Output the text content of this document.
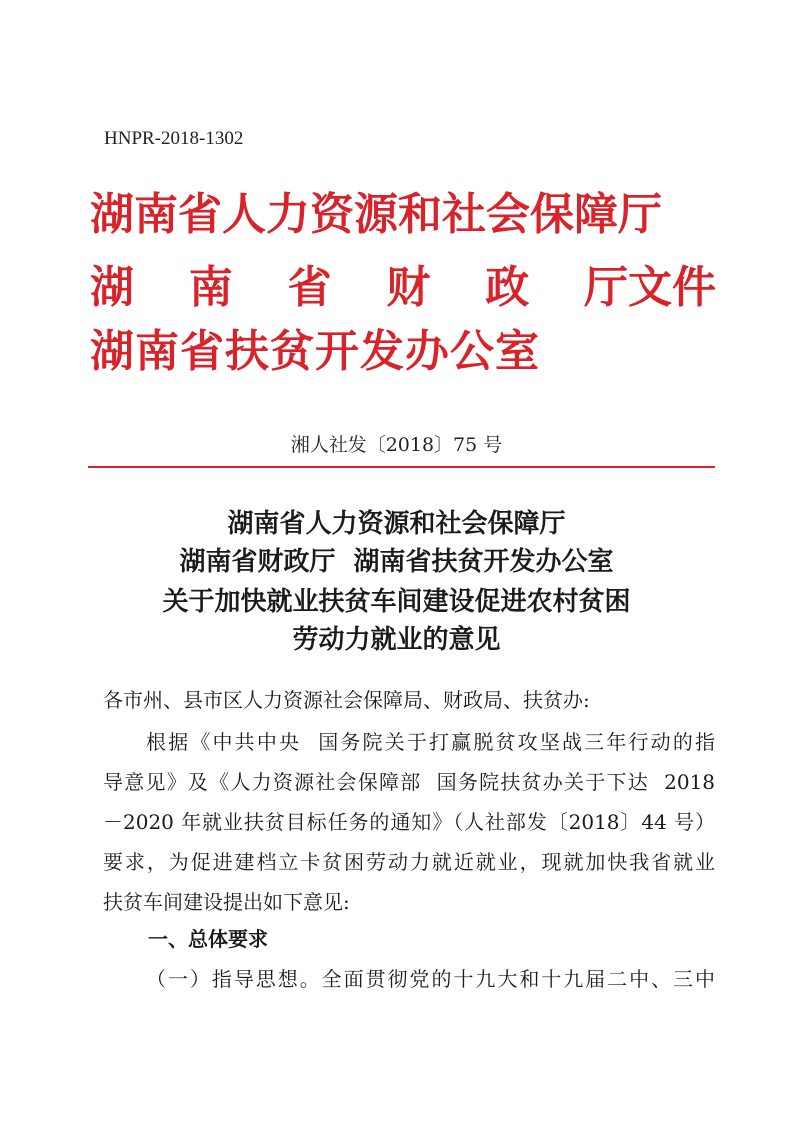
HNPR-2018-1302
湖南省人力资源和社会保障厅
湖 南 省 财 政 厅文件
湖南省扶贫开发办公室
湘人社发〔2018〕75 号
湖南省人力资源和社会保障厅
湖南省财政厅  湖南省扶贫开发办公室
关于加快就业扶贫车间建设促进农村贫困
劳动力就业的意见
各市州、县市区人力资源社会保障局、财政局、扶贫办:
根据《中共中央  国务院关于打赢脱贫攻坚战三年行动的指
导意见》及《人力资源社会保障部  国务院扶贫办关于下达  2018
－2020 年就业扶贫目标任务的通知》（人社部发〔2018〕44 号）
要求，为促进建档立卡贫困劳动力就近就业，现就加快我省就业
扶贫车间建设提出如下意见:
一、总体要求
（一）指导思想。全面贯彻党的十九大和十九届二中、三中
